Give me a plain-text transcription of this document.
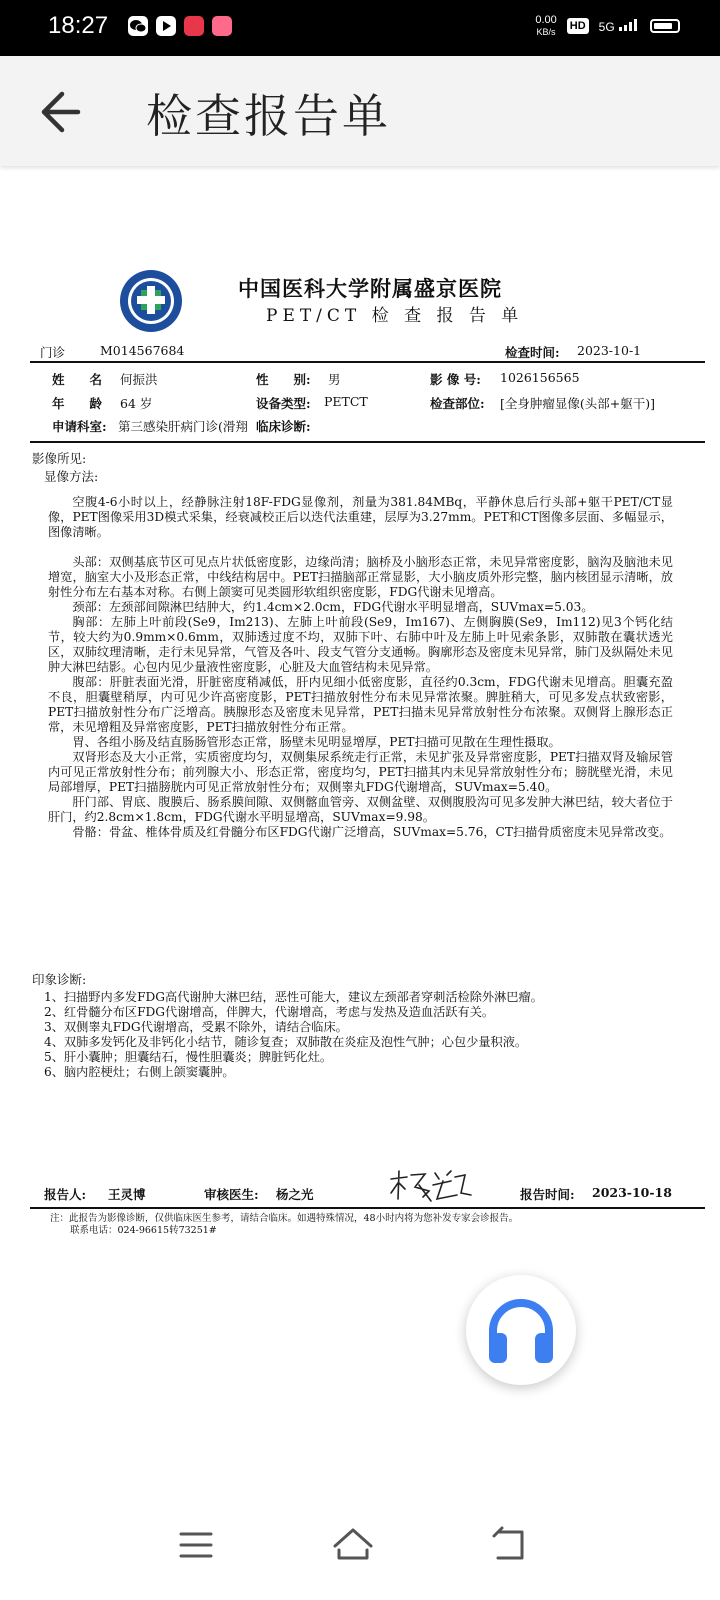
18:27	0.00
KB/s HD 5G
检查报告单
中国医科大学附属盛京医院
PET/CT 检 查 报 告 单
门诊	M014567684	检查时间: 2023-10-1⁠
姓　　名 何振洪	性　　别: 男	影 像 号: 1026156565
年　　龄 64 岁	设备类型: PETCT	检查部位: [全身肿瘤显像(头部+躯干)]
申请科室: 第三感染肝病门诊(滑翔 临床诊断:
影像所见:
显像方法:

空腹4-6小时以上，经静脉注射18F-FDG显像剂，剂量为381.84MBq，平静休息后行头部+躯干PET/CT显像，PET图像采用3D模式采集，经衰减校正后以迭代法重建，层厚为3.27mm。PET和CT图像多层面、多幅显示，图像清晰。

头部：双侧基底节区可见点片状低密度影，边缘尚清；脑桥及小脑形态正常，未见异常密度影，脑沟及脑池未见增宽，脑室大小及形态正常，中线结构居中。PET扫描脑部正常显影，大小脑皮质外形完整，脑内核团显示清晰，放射性分布左右基本对称。右侧上颌窦可见类圆形软组织密度影，FDG代谢未见增高。

颈部：左颈部间隙淋巴结肿大，约1.4cm×2.0cm，FDG代谢水平明显增高，SUVmax=5.03。

胸部：左肺上叶前段(Se9，Im213)、左肺上叶前段(Se9，Im167)、左侧胸膜(Se9，Im112)见3个钙化结节，较大约为0.9mm×0.6mm，双肺透过度不均，双肺下叶、右肺中叶及左肺上叶见索条影，双肺散在囊状透光区，双肺纹理清晰，走行未见异常，气管及各叶、段支气管分支通畅。胸廓形态及密度未见异常，肺门及纵隔处未见肿大淋巴结影。心包内见少量液性密度影，心脏及大血管结构未见异常。

腹部：肝脏表面光滑，肝脏密度稍减低，肝内见细小低密度影，直径约0.3cm，FDG代谢未见增高。胆囊充盈不良，胆囊壁稍厚，内可见少许高密度影，PET扫描放射性分布未见异常浓聚。脾脏稍大，可见多发点状致密影，PET扫描放射性分布广泛增高。胰腺形态及密度未见异常，PET扫描未见异常放射性分布浓聚。双侧肾上腺形态正常，未见增粗及异常密度影，PET扫描放射性分布正常。

胃、各组小肠及结直肠肠管形态正常，肠壁未见明显增厚，PET扫描可见散在生理性摄取。

双肾形态及大小正常，实质密度均匀，双侧集尿系统走行正常，未见扩张及异常密度影，PET扫描双肾及输尿管内可见正常放射性分布；前列腺大小、形态正常，密度均匀，PET扫描其内未见异常放射性分布；膀胱壁光滑，未见局部增厚，PET扫描膀胱内可见正常放射性分布；双侧睾丸FDG代谢增高，SUVmax=5.40。

肝门部、胃底、腹膜后、肠系膜间隙、双侧髂血管旁、双侧盆壁、双侧腹股沟可见多发肿大淋巴结，较大者位于肝门，约2.8cm×1.8cm，FDG代谢水平明显增高，SUVmax=9.98。

骨骼：骨盆、椎体骨质及红骨髓分布区FDG代谢广泛增高，SUVmax=5.76，CT扫描骨质密度未见异常改变。

印象诊断:
1、扫描野内多发FDG高代谢肿大淋巴结，恶性可能大，建议左颈部者穿刺活检除外淋巴瘤。
2、红骨髓分布区FDG代谢增高，伴脾大，代谢增高，考虑与发热及造血活跃有关。
3、双侧睾丸FDG代谢增高，受累不除外，请结合临床。
4、双肺多发钙化及非钙化小结节，随诊复查；双肺散在炎症及泡性气肿；心包少量积液。
5、肝小囊肿；胆囊结石，慢性胆囊炎；脾脏钙化灶。
6、脑内腔梗灶；右侧上颌窦囊肿。
报告人: 王灵博	审核医生: 杨之光	报告时间: 2023-10-18
注：此报告为影像诊断，仅供临床医生参考，请结合临床。如遇特殊情况，48小时内将为您补发专家会诊报告。
联系电话：024-96615转73251#
